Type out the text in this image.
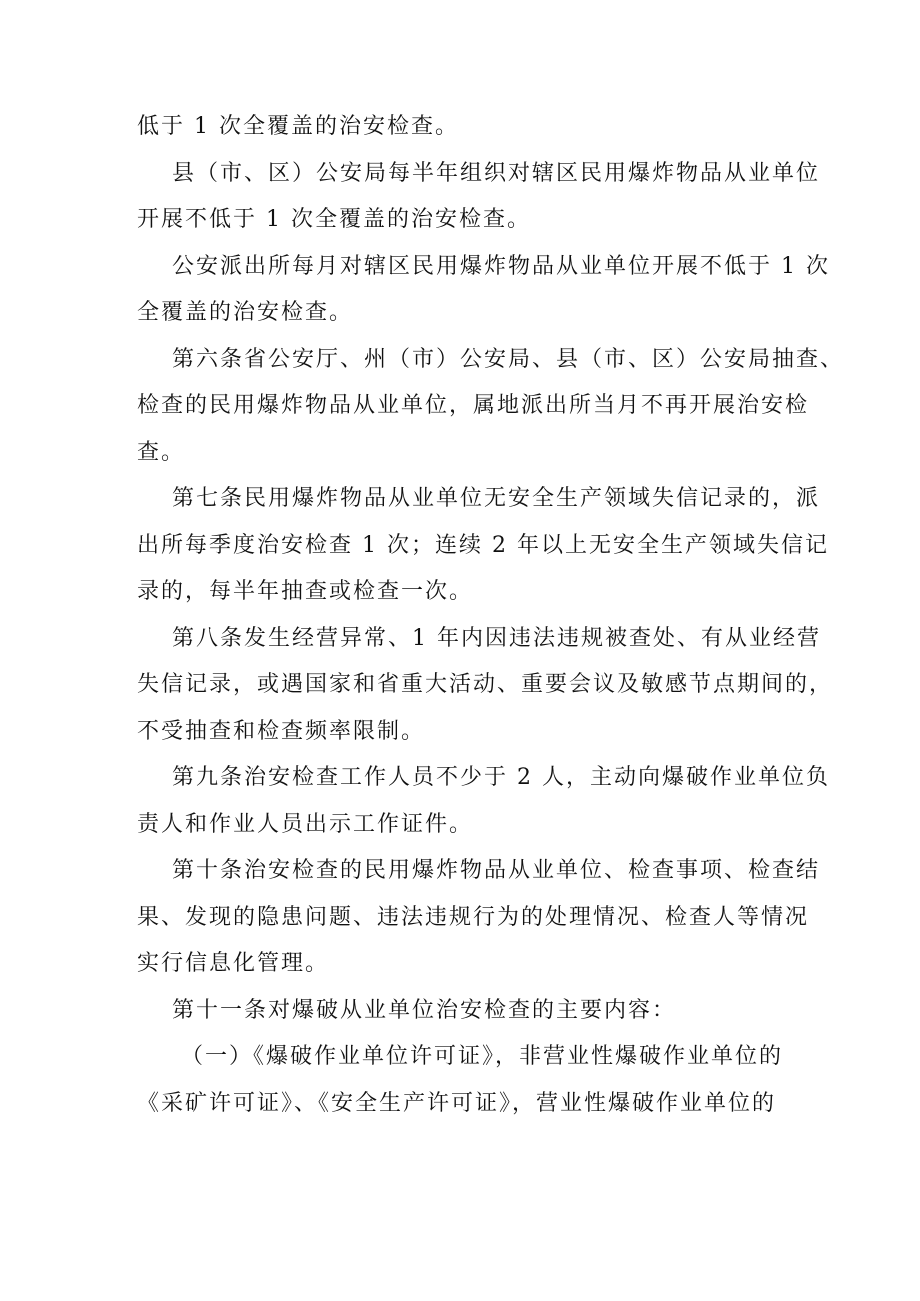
低于 1 次全覆盖的治安检查。
县（市、区）公安局每半年组织对辖区民用爆炸物品从业单位
开展不低于 1 次全覆盖的治安检查。
公安派出所每月对辖区民用爆炸物品从业单位开展不低于 1 次
全覆盖的治安检查。
第六条省公安厅、州（市）公安局、县（市、区）公安局抽查、
检查的民用爆炸物品从业单位，属地派出所当月不再开展治安检
查。
第七条民用爆炸物品从业单位无安全生产领域失信记录的，派
出所每季度治安检查 1 次；连续 2 年以上无安全生产领域失信记
录的，每半年抽查或检查一次。
第八条发生经营异常、1 年内因违法违规被查处、有从业经营
失信记录，或遇国家和省重大活动、重要会议及敏感节点期间的，
不受抽查和检查频率限制。
第九条治安检查工作人员不少于 2 人，主动向爆破作业单位负
责人和作业人员出示工作证件。
第十条治安检查的民用爆炸物品从业单位、检查事项、检查结
果、发现的隐患问题、违法违规行为的处理情况、检查人等情况
实行信息化管理。
第十一条对爆破从业单位治安检查的主要内容：
（一）《爆破作业单位许可证》，非营业性爆破作业单位的
《采矿许可证》、《安全生产许可证》，营业性爆破作业单位的
